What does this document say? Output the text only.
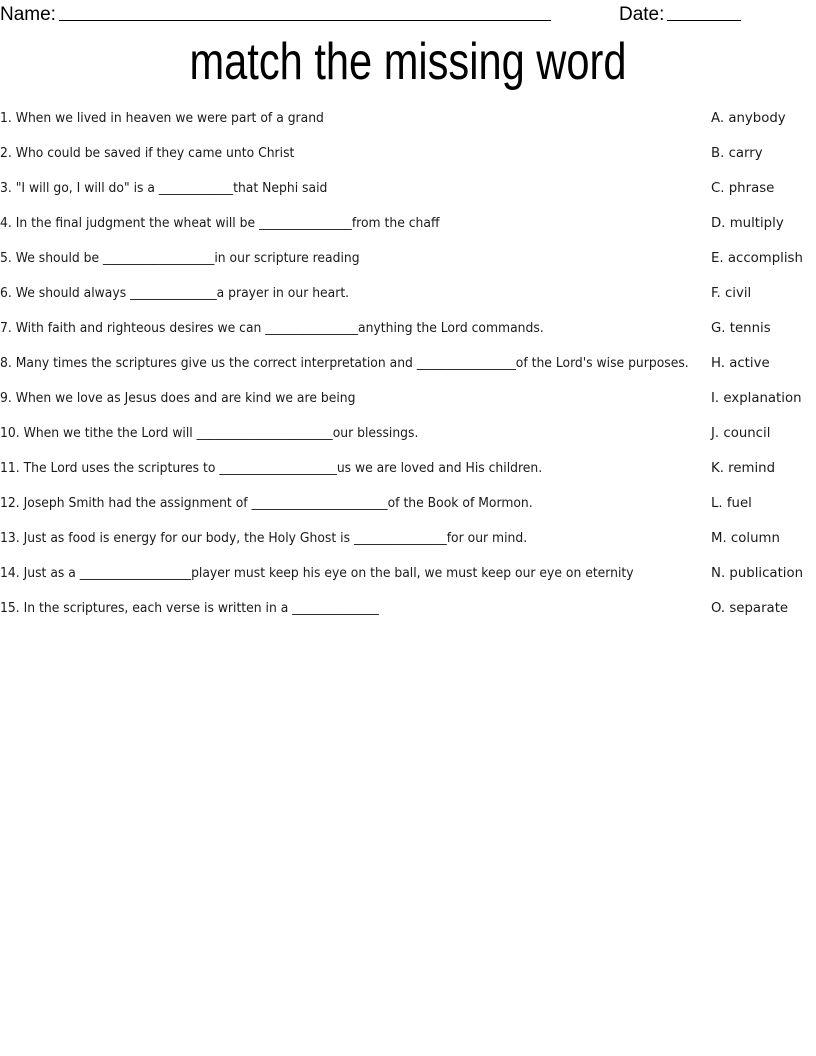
Name:	Date:
match the missing word
1. When we lived in heaven we were part of a grand
2. Who could be saved if they came unto Christ
3. "I will go, I will do" is a ____________that Nephi said
4. In the final judgment the wheat will be _______________from the chaff
5. We should be __________________in our scripture reading
6. We should always ______________a prayer in our heart.
7. With faith and righteous desires we can _______________anything the Lord commands.
8. Many times the scriptures give us the correct interpretation and ________________of the Lord's wise purposes.
9. When we love as Jesus does and are kind we are being
10. When we tithe the Lord will ______________________our blessings.
11. The Lord uses the scriptures to ___________________us we are loved and His children.
12. Joseph Smith had the assignment of ______________________of the Book of Mormon.
13. Just as food is energy for our body, the Holy Ghost is _______________for our mind.
14. Just as a __________________player must keep his eye on the ball, we must keep our eye on eternity
15. In the scriptures, each verse is written in a ______________
A. anybody
B. carry
C. phrase
D. multiply
E. accomplish
F. civil
G. tennis
H. active
I. explanation
J. council
K. remind
L. fuel
M. column
N. publication
O. separate
